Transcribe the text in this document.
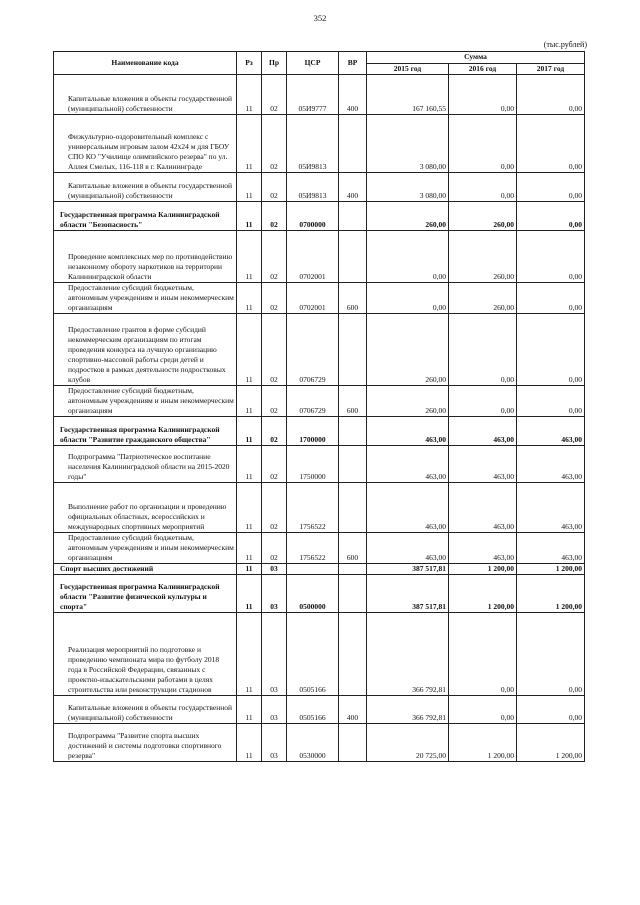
352
(тыс.рублей)
Наименование кода	Рз	Пр	ЦСР	ВР	Сумма		
					2015 год	2016 год	2017 год
Капитальные вложения в объекты государственной (муниципальной) собственности	11	02	05И9777	400	167 160,55	0,00	0,00
Физкультурно-оздоровительный комплекс с универсальным игровым залом 42х24 м для ГБОУ СПО КО "Училище олимпийского резерва" по ул. Аллея Смелых, 116-118 в г. Калининграде	11	02	05И9813		3 080,00	0,00	0,00
Капитальные вложения в объекты государственной (муниципальной) собственности	11	02	05И9813	400	3 080,00	0,00	0,00
Государственная программа Калининградской области "Безопасность"	11	02	0700000		260,00	260,00	0,00
Проведение комплексных мер по противодействию незаконному обороту наркотиков на территории Калининградской области	11	02	0702001		0,00	260,00	0,00
Предоставление субсидий бюджетным, автономным учреждениям и иным некоммерческим организациям	11	02	0702001	600	0,00	260,00	0,00
Предоставление грантов в форме субсидий некоммерческим организациям по итогам проведения конкурса на лучшую организацию спортивно-массовой работы среди детей и подростков в рамках деятельности подростковых клубов	11	02	0706729		260,00	0,00	0,00
Предоставление субсидий бюджетным, автономным учреждениям и иным некоммерческим организациям	11	02	0706729	600	260,00	0,00	0,00
Государственная программа Калининградской области "Развитие гражданского общества"	11	02	1700000		463,00	463,00	463,00
Подпрограмма "Патриотическое воспитание населения Калининградской области на 2015-2020 годы"	11	02	1750000		463,00	463,00	463,00
Выполнение работ по организации и проведению официальных областных, всероссийских и международных спортивных мероприятий	11	02	1756522		463,00	463,00	463,00
Предоставление субсидий бюджетным, автономным учреждениям и иным некоммерческим организациям	11	02	1756522	600	463,00	463,00	463,00
Спорт высших достижений	11	03			387 517,81	1 200,00	1 200,00
Государственная программа Калининградской области "Развитие физической культуры и спорта"	11	03	0500000		387 517,81	1 200,00	1 200,00
Реализация мероприятий по подготовке и проведению чемпионата мира по футболу 2018 года в Российской Федерации, связанных с проектно-изыскательскими работами в целях строительства или реконструкции стадионов	11	03	0505166		366 792,81	0,00	0,00
Капитальные вложения в объекты государственной (муниципальной) собственности	11	03	0505166	400	366 792,81	0,00	0,00
Подпрограмма "Развитие спорта высших достижений и системы подготовки спортивного резерва"	11	03	0530000		20 725,00	1 200,00	1 200,00
